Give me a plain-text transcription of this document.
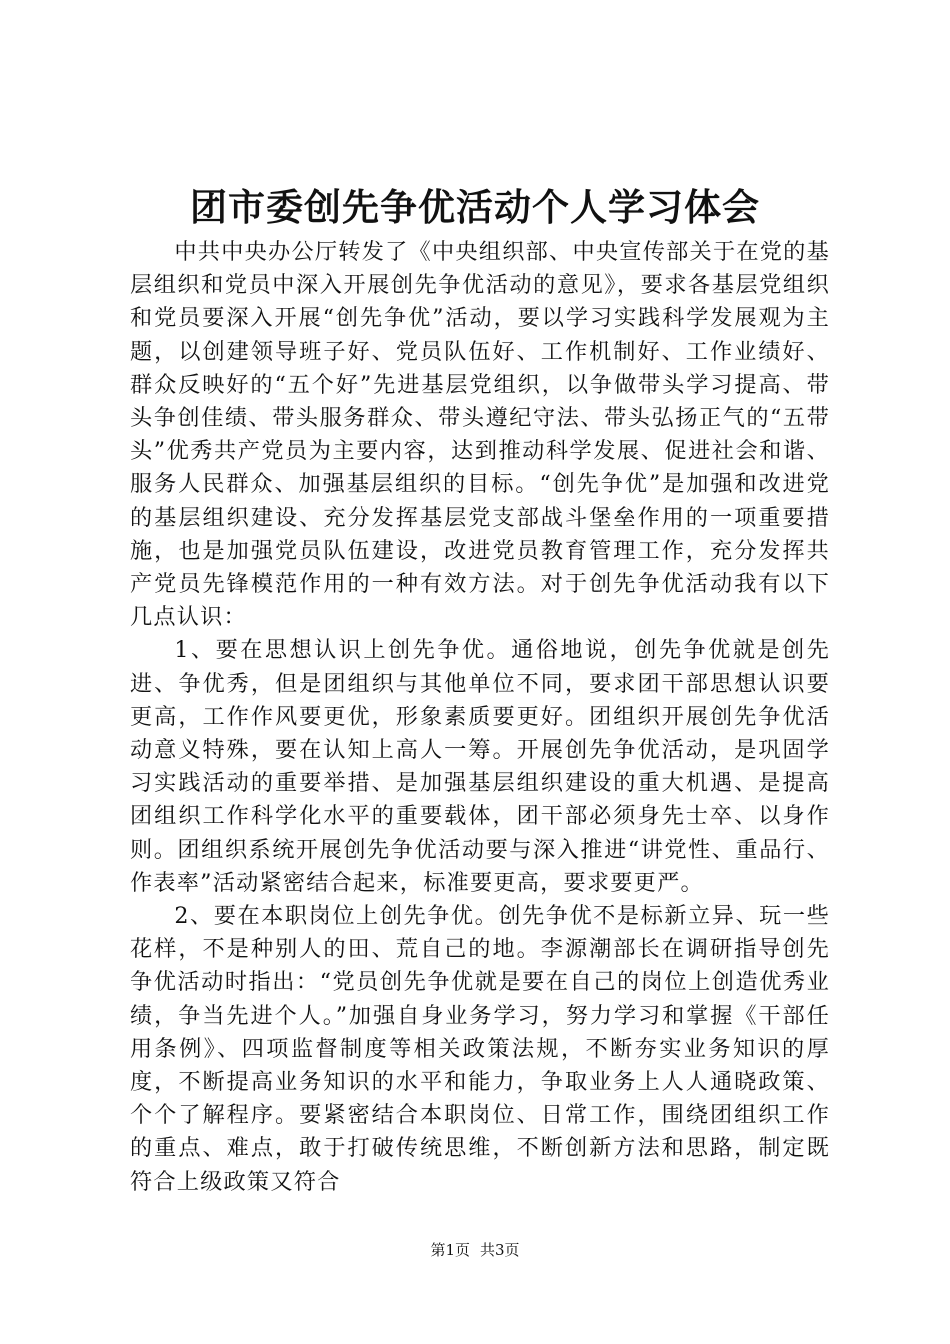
团市委创先争优活动个人学习体会

中共中央办公厅转发了《中央组织部、中央宣传部关于在党的基层组织和党员中深入开展创先争优活动的意见》，要求各基层党组织和党员要深入开展“创先争优”活动，要以学习实践科学发展观为主题，以创建领导班子好、党员队伍好、工作机制好、工作业绩好、群众反映好的“五个好”先进基层党组织，以争做带头学习提高、带头争创佳绩、带头服务群众、带头遵纪守法、带头弘扬正气的“五带头”优秀共产党员为主要内容，达到推动科学发展、促进社会和谐、服务人民群众、加强基层组织的目标。“创先争优”是加强和改进党的基层组织建设、充分发挥基层党支部战斗堡垒作用的一项重要措施，也是加强党员队伍建设，改进党员教育管理工作，充分发挥共产党员先锋模范作用的一种有效方法。对于创先争优活动我有以下几点认识：

1、要在思想认识上创先争优。通俗地说，创先争优就是创先进、争优秀，但是团组织与其他单位不同，要求团干部思想认识要更高，工作作风要更优，形象素质要更好。团组织开展创先争优活动意义特殊，要在认知上高人一筹。开展创先争优活动，是巩固学习实践活动的重要举措、是加强基层组织建设的重大机遇、是提高团组织工作科学化水平的重要载体，团干部必须身先士卒、以身作则。团组织系统开展创先争优活动要与深入推进“讲党性、重品行、作表率”活动紧密结合起来，标准要更高，要求要更严。

2、要在本职岗位上创先争优。创先争优不是标新立异、玩一些花样，不是种别人的田、荒自己的地。李源潮部长在调研指导创先争优活动时指出：“党员创先争优就是要在自己的岗位上创造优秀业绩，争当先进个人。”加强自身业务学习，努力学习和掌握《干部任用条例》、四项监督制度等相关政策法规，不断夯实业务知识的厚度，不断提高业务知识的水平和能力，争取业务上人人通晓政策、个个了解程序。要紧密结合本职岗位、日常工作，围绕团组织工作的重点、难点，敢于打破传统思维，不断创新方法和思路，制定既符合上级政策又符合

第1页 共3页
